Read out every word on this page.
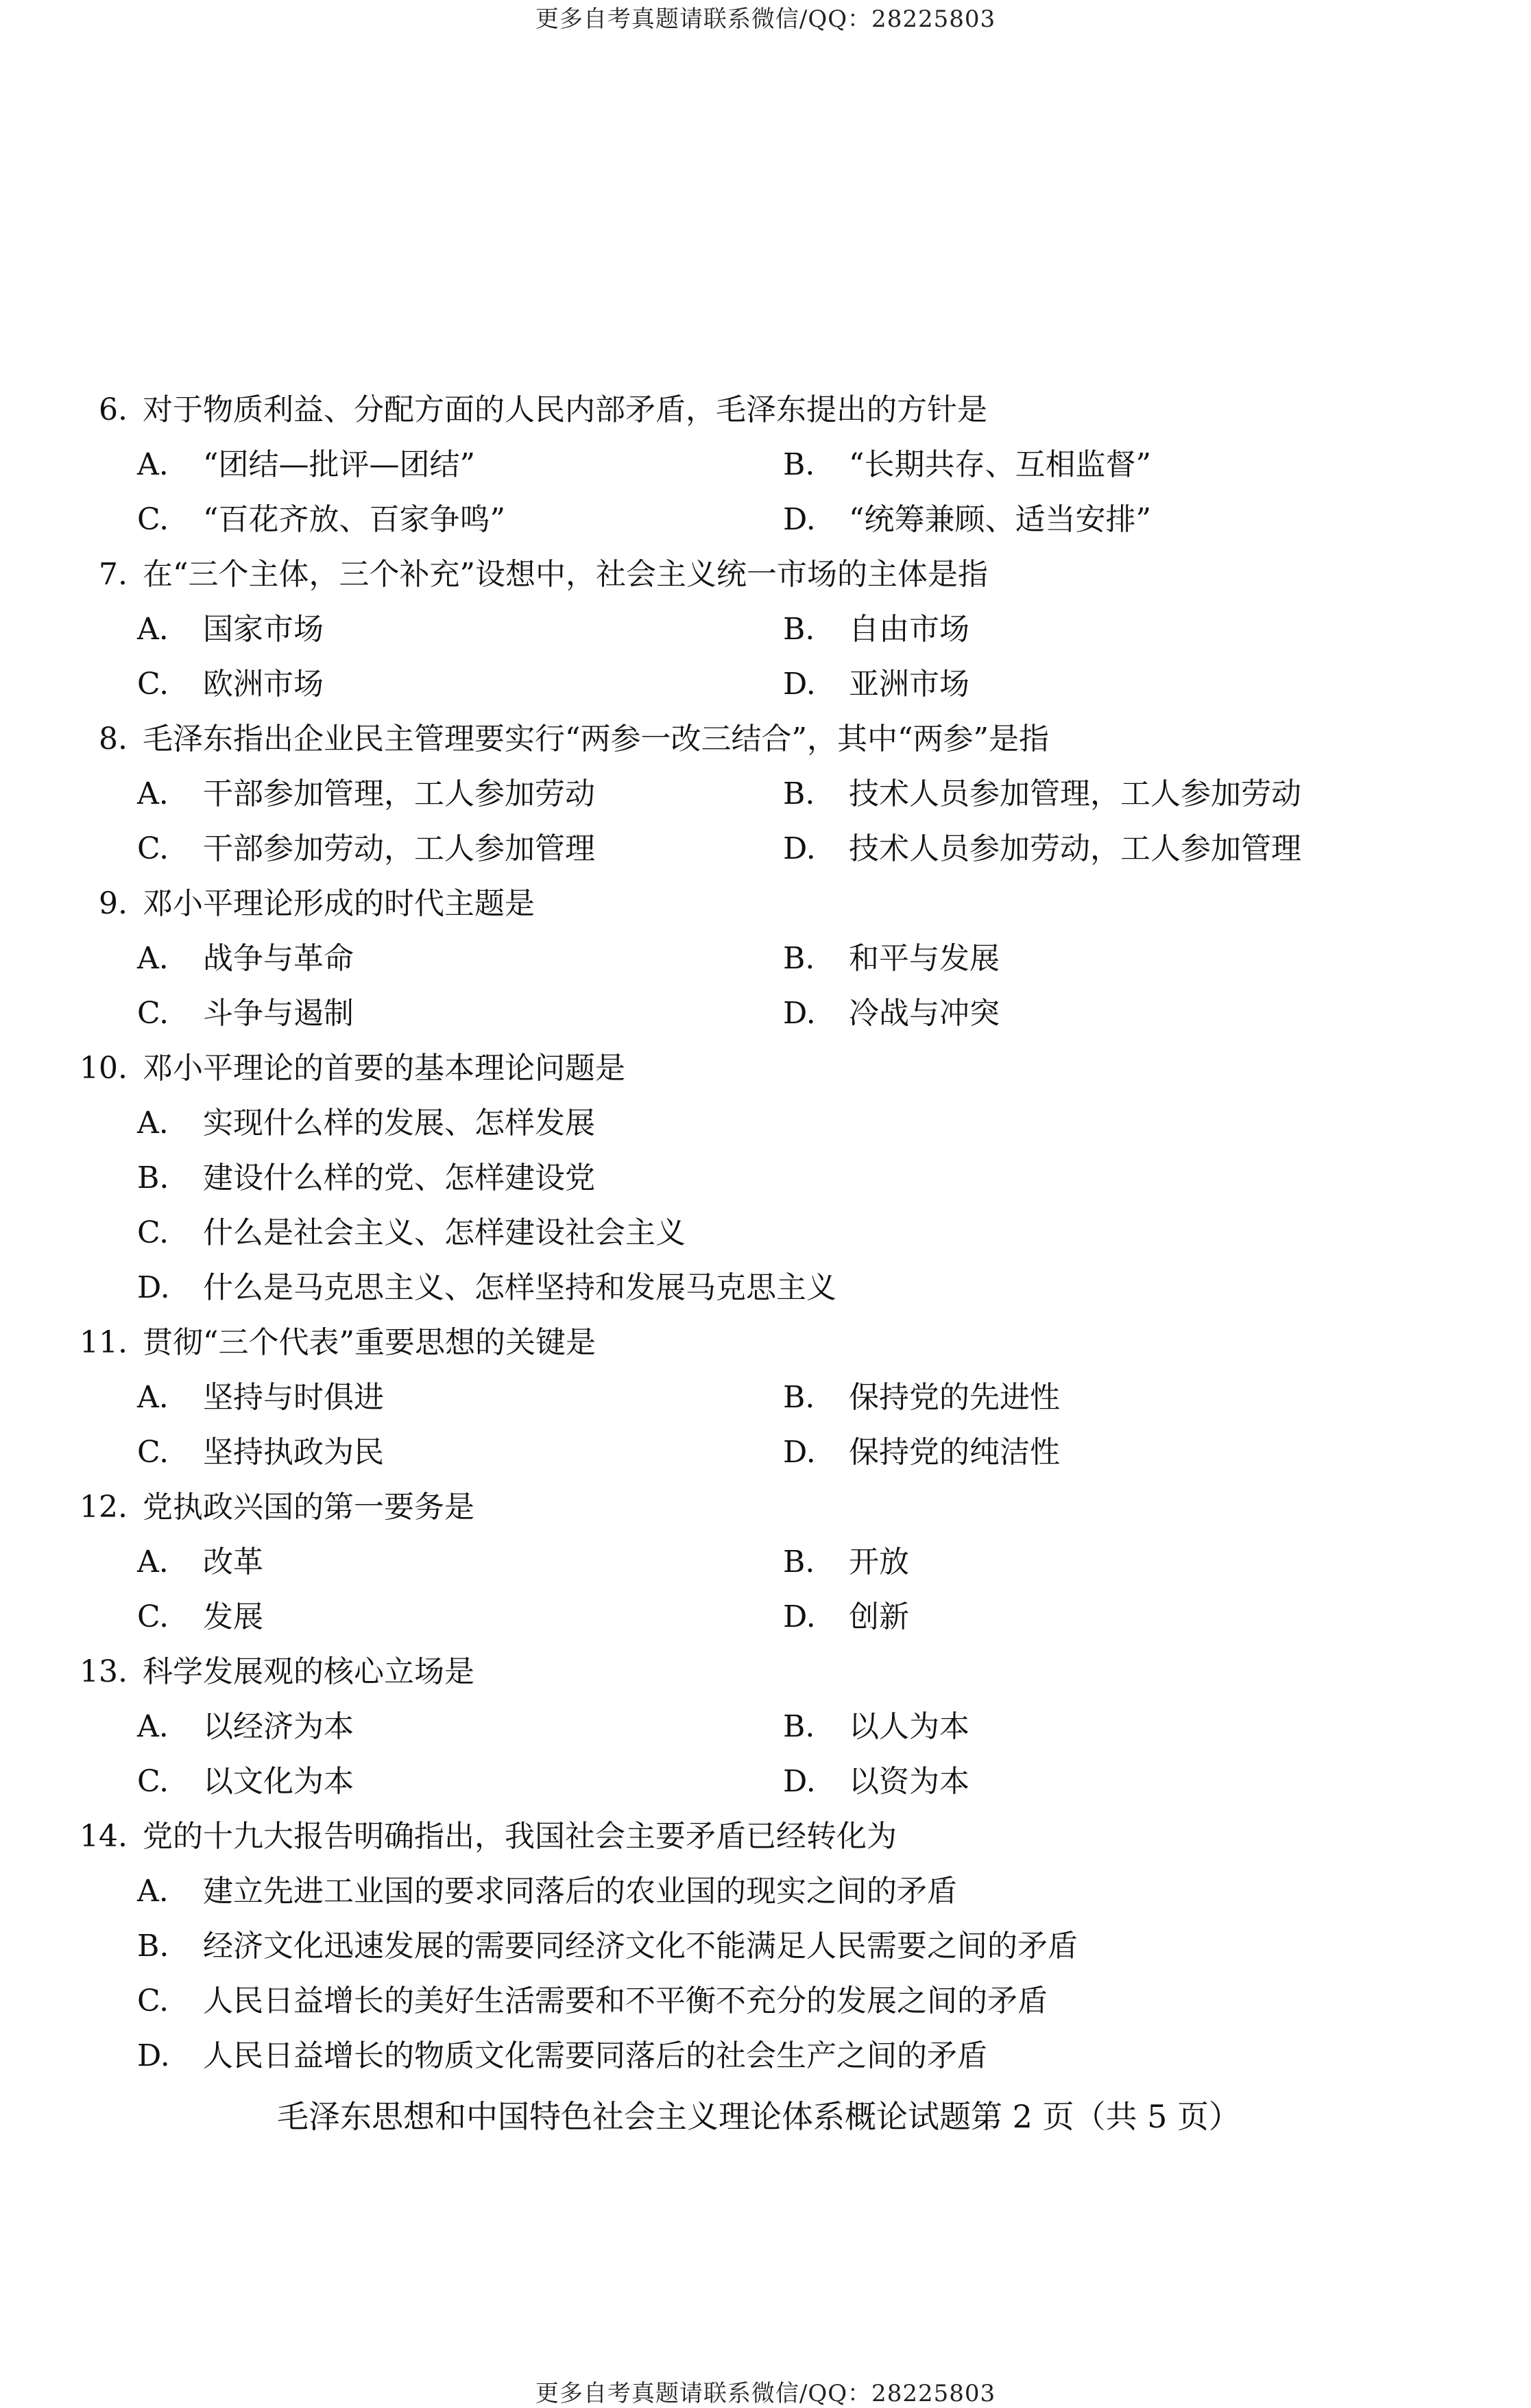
更多自考真题请联系微信/QQ：28225803
6. 对于物质利益、分配方面的人民内部矛盾，毛泽东提出的方针是
A. “团结—批评—团结”	B. “长期共存、互相监督”
C. “百花齐放、百家争鸣”	D. “统筹兼顾、适当安排”
7. 在“三个主体，三个补充”设想中，社会主义统一市场的主体是指
A. 国家市场	B. 自由市场
C. 欧洲市场	D. 亚洲市场
8. 毛泽东指出企业民主管理要实行“两参一改三结合”，其中“两参”是指
A. 干部参加管理，工人参加劳动	B. 技术人员参加管理，工人参加劳动
C. 干部参加劳动，工人参加管理	D. 技术人员参加劳动，工人参加管理
9. 邓小平理论形成的时代主题是
A. 战争与革命	B. 和平与发展
C. 斗争与遏制	D. 冷战与冲突
10. 邓小平理论的首要的基本理论问题是
A. 实现什么样的发展、怎样发展
B. 建设什么样的党、怎样建设党
C. 什么是社会主义、怎样建设社会主义
D. 什么是马克思主义、怎样坚持和发展马克思主义
11. 贯彻“三个代表”重要思想的关键是
A. 坚持与时俱进	B. 保持党的先进性
C. 坚持执政为民	D. 保持党的纯洁性
12. 党执政兴国的第一要务是
A. 改革	B. 开放
C. 发展	D. 创新
13. 科学发展观的核心立场是
A. 以经济为本	B. 以人为本
C. 以文化为本	D. 以资为本
14. 党的十九大报告明确指出，我国社会主要矛盾已经转化为
A. 建立先进工业国的要求同落后的农业国的现实之间的矛盾
B. 经济文化迅速发展的需要同经济文化不能满足人民需要之间的矛盾
C. 人民日益增长的美好生活需要和不平衡不充分的发展之间的矛盾
D. 人民日益增长的物质文化需要同落后的社会生产之间的矛盾
毛泽东思想和中国特色社会主义理论体系概论试题第 2 页（共 5 页）
更多自考真题请联系微信/QQ：28225803
